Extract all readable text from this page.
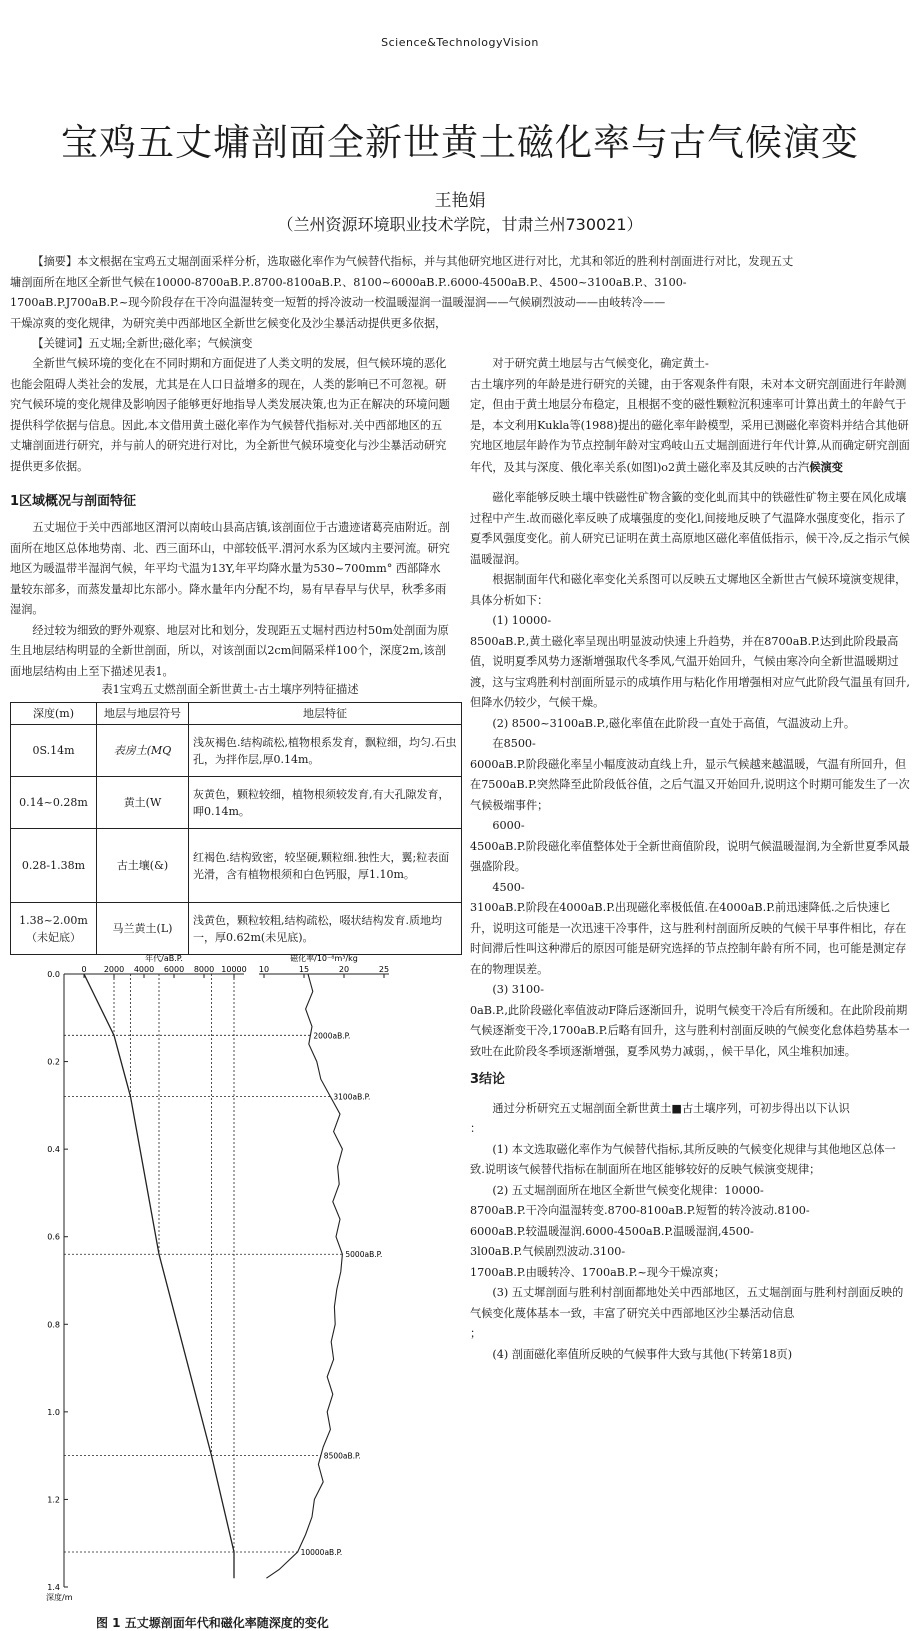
Science&TechnologyVision
宝鸡五丈墉剖面全新世黄土磁化率与古气候演变
王艳娟
（兰州资源环境职业技术学院，甘肃兰州730021）

【摘要】本文根据在宝鸡五丈堀剖面采样分析，选取磁化率作为气候替代指标，并与其他研究地区进行对比，尤其和邻近的胜利村剖面进行对比，发现五丈

墉剖面所在地区全新世气候在10000-8700aB.P..8700-8100aB.P.、8100~6000aB.P..6000-4500aB.P.、4500~3100aB.P.、3100-

1700aB.P.J700aB.P.~现今阶段存在干冷向温湿转变一短暂的捋冷波动一校温暖湿润一温暖湿润——气候刷烈波动——由岐转冷——

干燥凉爽的变化规律，为研究美中西部地区全新世乞候变化及沙尘暴活动提供更多依据，

【关键词】五丈堀;全新世;磁化率；气候演变

全新世气候环境的变化在不同时期和方面促进了人类文明的发展，但气候环境的恶化也能会阻碍人类社会的发展，尤其是在人口日益增多的现在，人类的影响已不可忽视。研究气候环境的变化规律及影响因子能够更好地指导人类发展决策,也为正在解决的环境问题提供科学依据与信息。因此,本文借用黄土磁化率作为气候替代指标对.关中西部地区的五丈墉剖面进行研究，并与前人的研究进行对比，为全新世气候环境变化与沙尘暴活动研究提供更多依据。

1区域概况与剖面特征

五丈堀位于关中西部地区渭河以南岐山县高店镇,该剖面位于古遗迹诸葛亮庙附近。剖面所在地区总体地势南、北、西三面环山，中部较低平.渭河水系为区域内主要河流。研究地区为暖温带半湿润气候，年平均弋温为13Y,年平均降水量为530~700mm° 西部降水量较东部多，而蒸发量却比东部小。降水量年内分配不均，易有早春早与伏早，秋季多雨湿润。

经过较为细致的野外观察、地层对比和划分，发现距五丈堀村西边村50m处剖面为原生且地层结构明显的全新世剖面，所以，对该剖面以2cm间隔采样100个，深度2m,该剖面地层结构由上至下描述见表1。

表1宝鸡五丈燃剖面全新世黄土-古土壤序列特征描述
深度(m)	地层与地层符号	地层特征
0S.14m	表房土(MQ	浅灰褐色.结构疏松,植物根系发育，飘粒细，均匀.石虫孔，为拌作层,厚0.14m。
0.14~0.28m	黄土(W	灰黄色，颗粒较细，植物根须较发育,有大孔隙发育，呷0.14m。
0.28-1.38m	古土壤(&)	红褐色.结构致密，较坚硬,颗粒细.独性大，翼;粒表面光滑，含有植物根须和白色钙服，厚1.10m。
1.38~2.00m（未妃底）	马兰黄土(L)	浅黄色，颗粒较粗,结构疏松，啜状结构发育.质地均一，厚0.62m(未见底)。
0.0
0.2
0.4
0.6
0.8
1.0
1.2
1.4
深度/m
0 2000 4000 6000 8000 10000
年代/aB.P.
10	15	20	25
磁化率/10⁻⁸m³/kg
2000aB.P.
3100aB.P.
5000aB.P.
8500aB.P.
10000aB.P.
图 1 五丈塬剖面年代和磁化率随深度的变化

对于研究黄土地层与古气候变化，确定黄土-

古土壤序列的年龄是进行研究的关键，由于客观条件有限，未对本文研究剖面进行年龄测定，但由于黄土地层分布稳定，且根据不变的磁性颗粒沉积速率可计算出黄土的年龄气于是，本文利用Kukla等(1988)提出的磁化率年龄模型，采用已测磁化率资料并结合其他研究地区地层年龄作为节点控制年龄对宝鸡岐山五丈堀剖面进行年代计算,从而确定研究剖面年代，及其与深度、俄化率关系(如图l)o2黄土磁化率及其反映的古汽候演变

磁化率能够反映土壤中铁磁性矿物含籤的变化虬而其中的铁磁性矿物主要在风化成壤过程中产生.故而磁化率反映了成壤强度的变化l,间接地反映了气温降水强度变化，指示了夏季风强度变化。前人研究已证明在黄土高原地区磁化率值低指示，候干冷,反之指示气候温暖湿润。

根据制面年代和磁化率变化关系图可以反映五丈墀地区全新世古气候环境演变规律，具体分析如下：

(1) 10000-

8500aB.P.,黄土磁化率呈现出明显波动快速上升趋势，并在8700aB.P.达到此阶段最高值，说明夏季风势力逐渐增强取代冬季风,气温开始回升，气候由寒冷向全新世温暖期过渡，这与宝鸡胜利村剖面所显示的成填作用与粘化作用增强相对应气此阶段气温虽有回升,但降水仍较少，气候干燥。

(2) 8500~3100aB.P.,磁化率值在此阶段一直处于高值，气温波动上升。

在8500-

6000aB.P.阶段磁化率呈小幅度波动直线上升，显示气候越来越温暖，气温有所回升，但在7500aB.P.突然降至此阶段低谷值，之后气温又开始回升,说明这个时期可能发生了一次气候极端事件；

6000-

4500aB.P.阶段磁化率值整体处于全新世商值阶段，说明气候温暖湿润,为全新世夏季风最强盛阶段。

4500-

3100aB.P.阶段在4000aB.P.出现磁化率极低值.在4000aB.P.前迅速降低.之后快速匕升，说明这可能是一次迅速干冷事件，这与胜利村剖面所反映的气候干早事件相比，存在时间滞后性叫这种滞后的原因可能是研究选择的节点控制年龄有所不同，也可能是测定存在的物理误差。

(3) 3100-

0aB.P.,此阶段磁化率值波动F降后逐渐回升，说明气候变干冷后有所缓和。在此阶段前期气候逐渐变干冷,1700aB.P.后略有回升，这与胜利村剖面反映的气候变化怠体趋势基本一致吐在此阶段冬季顷逐渐增强，夏季风势力减弱，，候干旱化，风尘堆积加速。

3结论

通过分析研究五丈堀剖面全新世黄土■古土壤序列，可初步得出以下认识

：

(1) 本文选取磁化率作为气候替代指标,其所反映的气候变化规律与其他地区总体一致.说明该气候替代指标在制面所在地区能够较好的反映气候演变规律；

(2) 五丈堀剖面所在地区全新世气候变化规律：10000-

8700aB.P.干冷向温湿转变.8700-8100aB.P.短暂的转冷波动.8100-

6000aB.P.较温暖湿润.6000-4500aB.P.温暖湿润,4500-

3l00aB.P.气候剧烈波动.3100-

1700aB.P.由暖转冷、1700aB.P.~现今干燥凉爽；

(3) 五丈墀剖面与胜利村剖面都地处关中西部地区，五丈堀剖面与胜利村剖面反映的气候变化蔑体基本一致，丰富了研究关中西部地区沙尘暴活动信息

；

(4) 剖面磁化率值所反映的气候事件大致与其他(下转第18页)
